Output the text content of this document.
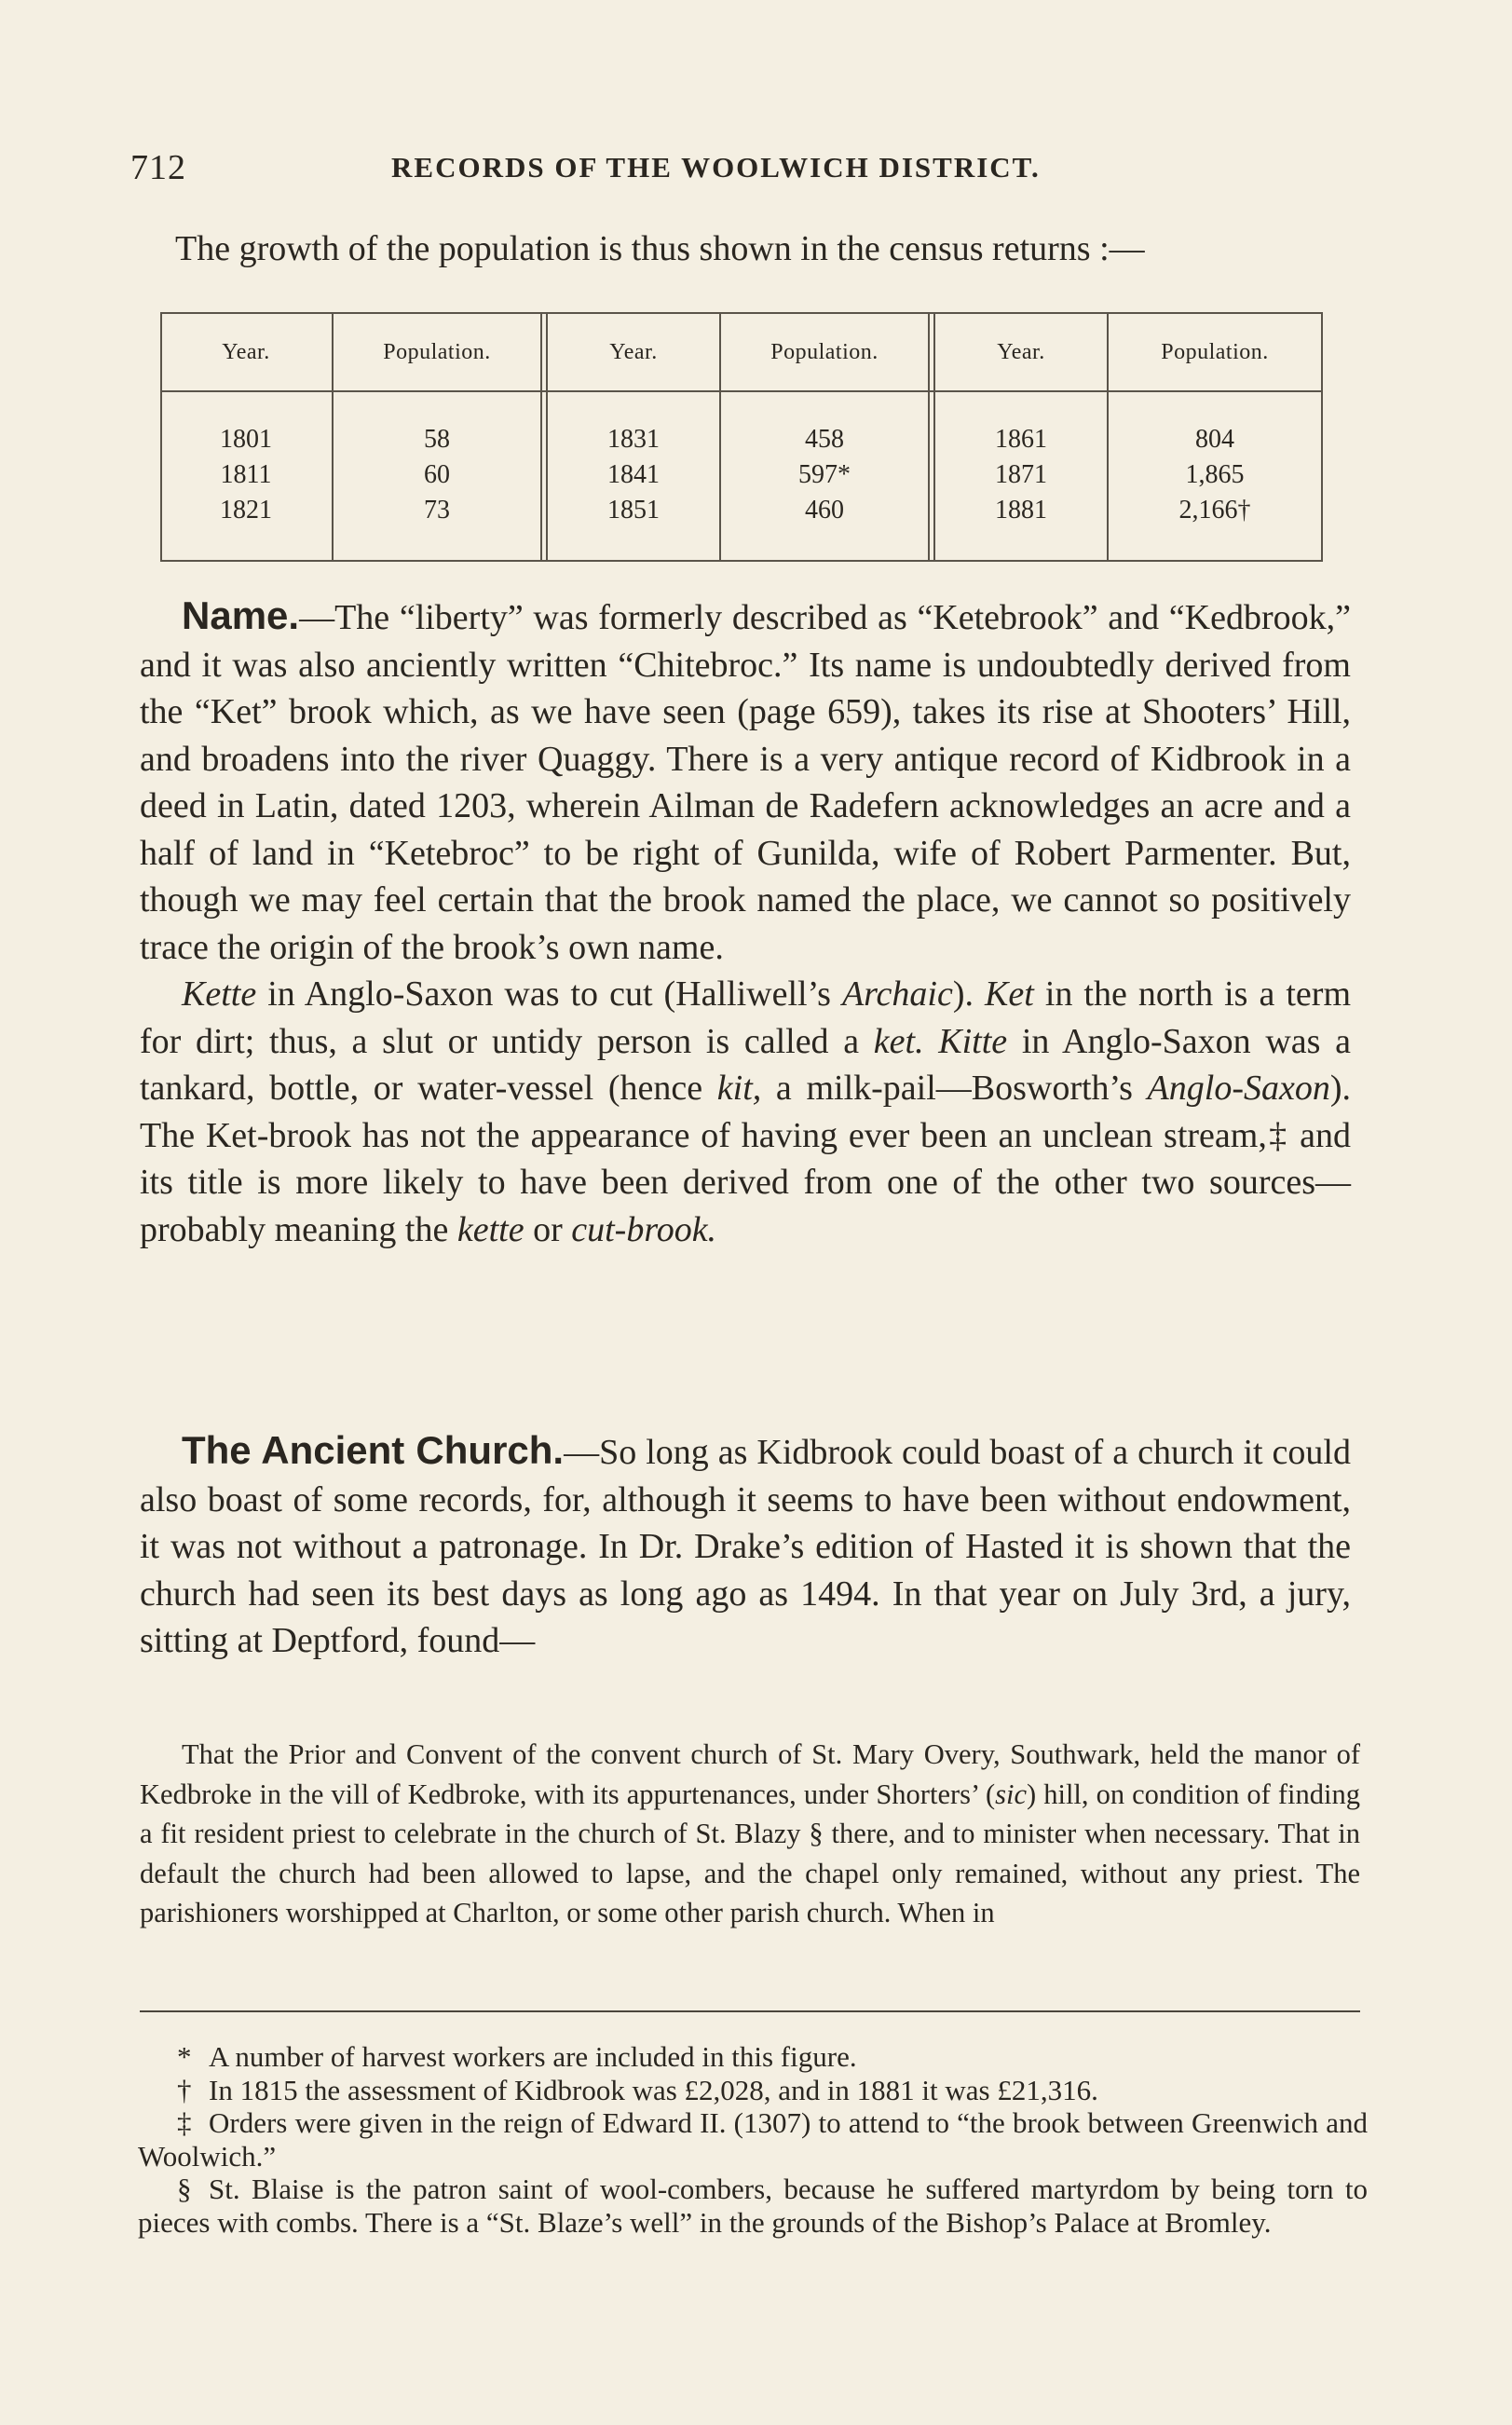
712	RECORDS OF THE WOOLWICH DISTRICT.
The growth of the population is thus shown in the census returns :—
Year.
1801
1811
1821
Population.
58
60
73
Year.
1831
1841
1851
Population.
458
597*
460
Year.
1861
1871
1881
Population.
804
1,865
2,166†

Name.—The “liberty” was formerly described as “Ketebrook” and “Kedbrook,” and it was also anciently written “Chitebroc.” Its name is undoubtedly derived from the “Ket” brook which, as we have seen (page 659), takes its rise at Shooters’ Hill, and broadens into the river Quaggy. There is a very antique record of Kidbrook in a deed in Latin, dated 1203, wherein Ailman de Radefern acknowledges an acre and a half of land in “Ketebroc” to be right of Gunilda, wife of Robert Parmenter. But, though we may feel certain that the brook named the place, we cannot so positively trace the origin of the brook’s own name.

Kette in Anglo-Saxon was to cut (Halliwell’s Archaic). Ket in the north is a term for dirt; thus, a slut or untidy person is called a ket. Kitte in Anglo-Saxon was a tankard, bottle, or water-vessel (hence kit, a milk-pail—Bosworth’s Anglo-Saxon). The Ket-brook has not the appearance of having ever been an unclean stream,‡ and its title is more likely to have been derived from one of the other two sources—probably meaning the kette or cut-brook.

The Ancient Church.—So long as Kidbrook could boast of a church it could also boast of some records, for, although it seems to have been without endowment, it was not without a patronage. In Dr. Drake’s edition of Hasted it is shown that the church had seen its best days as long ago as 1494. In that year on July 3rd, a jury, sitting at Deptford, found—

That the Prior and Convent of the convent church of St. Mary Overy, Southwark, held the manor of Kedbroke in the vill of Kedbroke, with its appurtenances, under Shorters’ (sic) hill, on condition of finding a fit resident priest to celebrate in the church of St. Blazy § there, and to minister when necessary. That in default the church had been allowed to lapse, and the chapel only remained, without any priest. The parishioners worshipped at Charlton, or some other parish church. When in

* A number of harvest workers are included in this figure.

† In 1815 the assessment of Kidbrook was £2,028, and in 1881 it was £21,316.

‡ Orders were given in the reign of Edward II. (1307) to attend to “the brook between Greenwich and Woolwich.”

§ St. Blaise is the patron saint of wool-combers, because he suffered martyrdom by being torn to pieces with combs. There is a “St. Blaze’s well” in the grounds of the Bishop’s Palace at Bromley.
